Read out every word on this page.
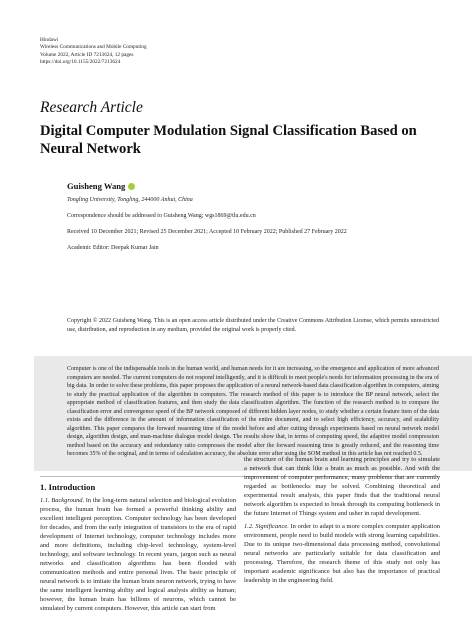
Hindawi
Wireless Communications and Mobile Computing
Volume 2022, Article ID 7213624, 12 pages
https://doi.org/10.1155/2022/7213624
Research Article
Digital Computer Modulation Signal Classification Based on Neural Network
Guisheng Wang
Tongling University, Tongling, 244000 Anhui, China
Correspondence should be addressed to Guisheng Wang; wgs1869@tlu.edu.cn
Received 10 December 2021; Revised 25 December 2021; Accepted 10 February 2022; Published 27 February 2022
Academic Editor: Deepak Kumar Jain
Copyright © 2022 Guisheng Wang. This is an open access article distributed under the Creative Commons Attribution License, which permits unrestricted use, distribution, and reproduction in any medium, provided the original work is properly cited.

Computer is one of the indispensable tools in the human world, and human needs for it are increasing, so the emergence and application of more advanced computers are needed. The current computers do not respond intelligently, and it is difficult to meet people's needs for information processing in the era of big data. In order to solve these problems, this paper proposes the application of a neural network-based data classification algorithm in computers, aiming to study the practical application of the algorithm in computers. The research method of this paper is to introduce the BP neural network, select the appropriate method of classification features, and then study the data classification algorithm. The function of the research method is to compare the classification error and convergence speed of the BP network composed of different hidden layer nodes, to study whether a certain feature item of the data exists and the difference in the amount of information classification of the entire document, and to select high efficiency, accuracy, and scalability algorithm. This paper compares the forward reasoning time of the model before and after cutting through experiments based on neural network model design, algorithm design, and man-machine dialogue model design. The results show that, in terms of computing speed, the adaptive model compression method based on the accuracy and redundancy ratio compresses the model after the forward reasoning time is greatly reduced, and the reasoning time becomes 35% of the original, and in terms of calculation accuracy, the absolute error after using the SOM method in this article has not reached 0.5.

1. Introduction

1.1. Background. In the long-term natural selection and biological evolution process, the human brain has formed a powerful thinking ability and excellent intelligent perception. Computer technology has been developed for decades, and from the early integration of transistors to the era of rapid development of Internet technology, computer technology includes more and more definitions, including chip-level technology, system-level technology, and software technology. In recent years, jargon such as neural networks and classification algorithms has been flooded with communication methods and entire personal lives. The basic principle of neural network is to imitate the human brain neuron network, trying to have the same intelligent learning ability and logical analysis ability as human; however, the human brain has billions of neurons, which cannot be simulated by current computers. However, this article can start from

the structure of the human brain and learning principles and try to simulate a network that can think like a brain as much as possible. And with the improvement of computer performance, many problems that are currently regarded as bottlenecks may be solved. Combining theoretical and experimental result analysis, this paper finds that the traditional neural network algorithm is expected to break through its computing bottleneck in the future Internet of Things system and usher in rapid development.

1.2. Significance. In order to adapt to a more complex computer application environment, people need to build models with strong learning capabilities. Due to its unique two-dimensional data processing method, convolutional neural networks are particularly suitable for data classification and processing. Therefore, the research theme of this study not only has important academic significance but also has the importance of practical leadership in the engineering field.
